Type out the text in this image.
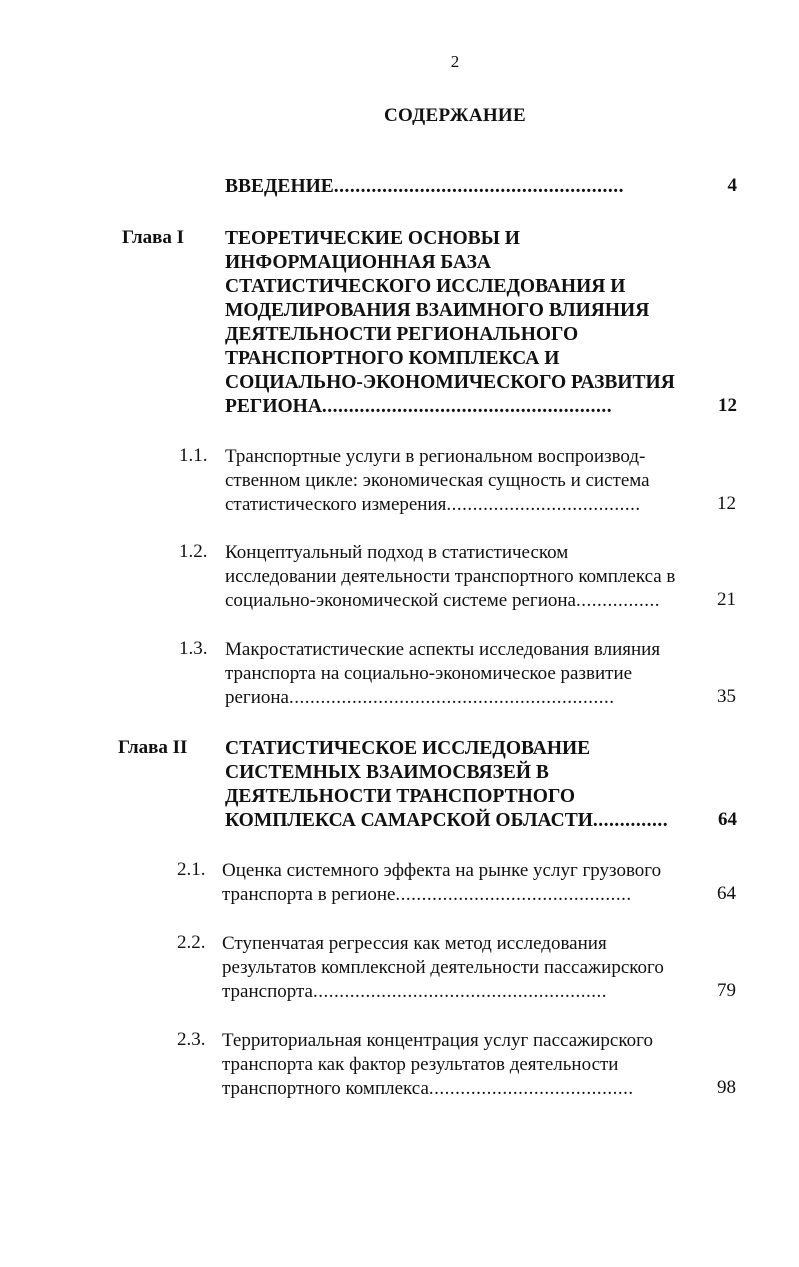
2
СОДЕРЖАНИЕ
ВВЕДЕНИЕ ......................................................	4
Глава I ТЕОРЕТИЧЕСКИЕ ОСНОВЫ И
ИНФОРМАЦИОННАЯ БАЗА
СТАТИСТИЧЕСКОГО ИССЛЕДОВАНИЯ И
МОДЕЛИРОВАНИЯ ВЗАИМНОГО ВЛИЯНИЯ
ДЕЯТЕЛЬНОСТИ РЕГИОНАЛЬНОГО
ТРАНСПОРТНОГО КОМПЛЕКСА И
СОЦИАЛЬНО-ЭКОНОМИЧЕСКОГО РАЗВИТИЯ
РЕГИОНА ......................................................	12
1.1. Транспортные услуги в региональном воспроизвод-
ственном цикле: экономическая сущность и система
статистического измерения .....................................	12
1.2. Концептуальный подход в статистическом
исследовании деятельности транспортного комплекса в
социально-экономической системе региона ................	21
1.3. Макростатистические аспекты исследования влияния
транспорта на социально-экономическое развитие
региона ..............................................................	35
Глава II СТАТИСТИЧЕСКОЕ ИССЛЕДОВАНИЕ
СИСТЕМНЫХ ВЗАИМОСВЯЗЕЙ В
ДЕЯТЕЛЬНОСТИ ТРАНСПОРТНОГО
КОМПЛЕКСА САМАРСКОЙ ОБЛАСТИ ..............	64
2.1. Оценка системного эффекта на рынке услуг грузового
транспорта в регионе .............................................	64
2.2. Ступенчатая регрессия как метод исследования
результатов комплексной деятельности пассажирского
транспорта ........................................................	79
2.3. Территориальная концентрация услуг пассажирского
транспорта как фактор результатов деятельности
транспортного комплекса .......................................	98
